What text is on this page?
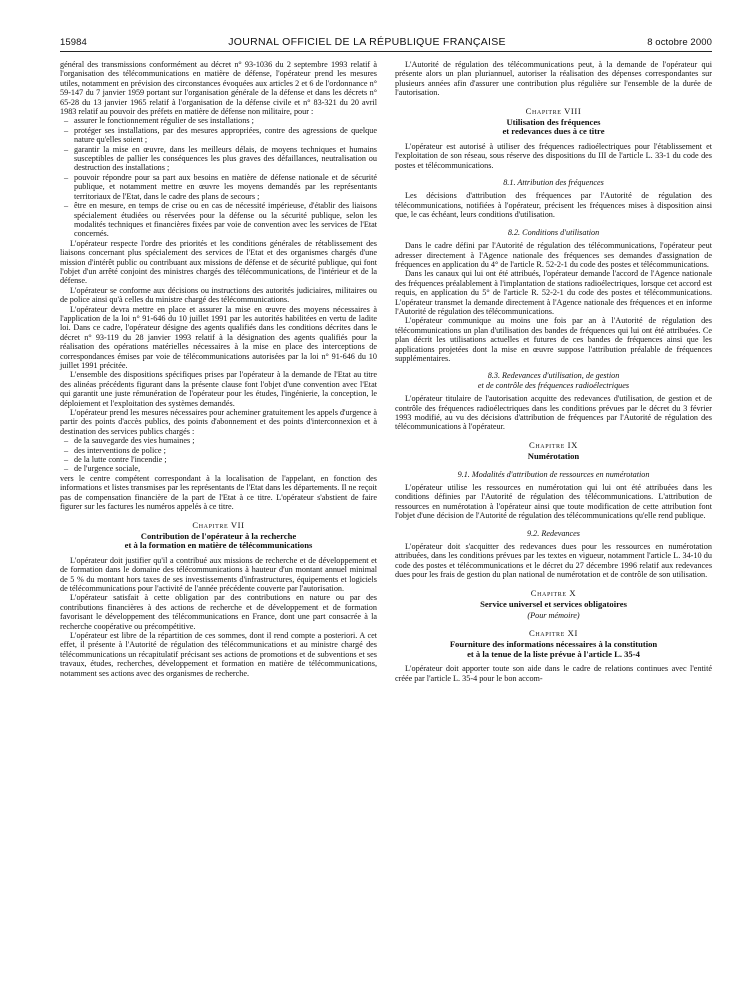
15984	JOURNAL OFFICIEL DE LA RÉPUBLIQUE FRANÇAISE	8 octobre 2000

général des transmissions conformément au décret n° 93-1036 du 2 septembre 1993 relatif à l'organisation des télécommunications en matière de défense, l'opérateur prend les mesures utiles, notamment en prévision des circonstances évoquées aux articles 2 et 6 de l'ordonnance n° 59-147 du 7 janvier 1959 portant sur l'organisation générale de la défense et dans les décrets n° 65-28 du 13 janvier 1965 relatif à l'organisation de la défense civile et n° 83-321 du 20 avril 1983 relatif au pouvoir des préfets en matière de défense non militaire, pour :

– assurer le fonctionnement régulier de ses installations ;
– protéger ses installations, par des mesures appropriées, contre des agressions de quelque nature qu'elles soient ;
– garantir la mise en œuvre, dans les meilleurs délais, de moyens techniques et humains susceptibles de pallier les conséquences les plus graves des défaillances, neutralisation ou destruction des installations ;
– pouvoir répondre pour sa part aux besoins en matière de défense nationale et de sécurité publique, et notamment mettre en œuvre les moyens demandés par les représentants territoriaux de l'Etat, dans le cadre des plans de secours ;
– être en mesure, en temps de crise ou en cas de nécessité impérieuse, d'établir des liaisons spécialement étudiées ou réservées pour la défense ou la sécurité publique, selon les modalités techniques et financières fixées par voie de convention avec les services de l'Etat concernés.

L'opérateur respecte l'ordre des priorités et les conditions générales de rétablissement des liaisons concernant plus spécialement des services de l'Etat et des organismes chargés d'une mission d'intérêt public ou contribuant aux missions de défense et de sécurité publique, qui font l'objet d'un arrêté conjoint des ministres chargés des télécommunications, de l'intérieur et de la défense.

L'opérateur se conforme aux décisions ou instructions des autorités judiciaires, militaires ou de police ainsi qu'à celles du ministre chargé des télécommunications.

L'opérateur devra mettre en place et assurer la mise en œuvre des moyens nécessaires à l'application de la loi n° 91-646 du 10 juillet 1991 par les autorités habilitées en vertu de ladite loi. Dans ce cadre, l'opérateur désigne des agents qualifiés dans les conditions décrites dans le décret n° 93-119 du 28 janvier 1993 relatif à la désignation des agents qualifiés pour la réalisation des opérations matérielles nécessaires à la mise en place des interceptions de correspondances émises par voie de télécommunications autorisées par la loi n° 91-646 du 10 juillet 1991 précitée.

L'ensemble des dispositions spécifiques prises par l'opérateur à la demande de l'Etat au titre des alinéas précédents figurant dans la présente clause font l'objet d'une convention avec l'Etat qui garantit une juste rémunération de l'opérateur pour les études, l'ingénierie, la conception, le déploiement et l'exploitation des systèmes demandés.

L'opérateur prend les mesures nécessaires pour acheminer gratuitement les appels d'urgence à partir des points d'accès publics, des points d'abonnement et des points d'interconnexion et à destination des services publics chargés :

– de la sauvegarde des vies humaines ;
– des interventions de police ;
– de la lutte contre l'incendie ;
– de l'urgence sociale,

vers le centre compétent correspondant à la localisation de l'appelant, en fonction des informations et listes transmises par les représentants de l'Etat dans les départements. Il ne reçoit pas de compensation financière de la part de l'Etat à ce titre. L'opérateur s'abstient de faire figurer sur les factures les numéros appelés à ce titre.

Chapitre VII
Contribution de l'opérateur à la recherche
et à la formation en matière de télécommunications

L'opérateur doit justifier qu'il a contribué aux missions de recherche et de développement et de formation dans le domaine des télécommunications à hauteur d'un montant annuel minimal de 5 % du montant hors taxes de ses investissements d'infrastructures, équipements et logiciels de télécommunications pour l'activité de l'année précédente couverte par l'autorisation.

L'opérateur satisfait à cette obligation par des contributions en nature ou par des contributions financières à des actions de recherche et de développement et de formation favorisant le développement des télécommunications en France, dont une part consacrée à la recherche coopérative ou précompétitive.

L'opérateur est libre de la répartition de ces sommes, dont il rend compte a posteriori. A cet effet, il présente à l'Autorité de régulation des télécommunications et au ministre chargé des télécommunications un récapitulatif précisant ses actions de promotions et de subventions et ses travaux, études, recherches, développement et formation en matière de télécommunications, notamment ses actions avec des organismes de recherche.

L'Autorité de régulation des télécommunications peut, à la demande de l'opérateur qui présente alors un plan pluriannuel, autoriser la réalisation des dépenses correspondantes sur plusieurs années afin d'assurer une contribution plus régulière sur l'ensemble de la durée de l'autorisation.

Chapitre VIII
Utilisation des fréquences
et redevances dues à ce titre

L'opérateur est autorisé à utiliser des fréquences radioélectriques pour l'établissement et l'exploitation de son réseau, sous réserve des dispositions du III de l'article L. 33-1 du code des postes et télécommunications.

8.1. Attribution des fréquences

Les décisions d'attribution des fréquences par l'Autorité de régulation des télécommunications, notifiées à l'opérateur, précisent les fréquences mises à disposition ainsi que, le cas échéant, leurs conditions d'utilisation.

8.2. Conditions d'utilisation

Dans le cadre défini par l'Autorité de régulation des télécommunications, l'opérateur peut adresser directement à l'Agence nationale des fréquences ses demandes d'assignation de fréquences en application du 4° de l'article R. 52-2-1 du code des postes et télécommunications.

Dans les canaux qui lui ont été attribués, l'opérateur demande l'accord de l'Agence nationale des fréquences préalablement à l'implantation de stations radioélectriques, lorsque cet accord est requis, en application du 5° de l'article R. 52-2-1 du code des postes et télécommunications. L'opérateur transmet la demande directement à l'Agence nationale des fréquences et en informe l'Autorité de régulation des télécommunications.

L'opérateur communique au moins une fois par an à l'Autorité de régulation des télécommunications un plan d'utilisation des bandes de fréquences qui lui ont été attribuées. Ce plan décrit les utilisations actuelles et futures de ces bandes de fréquences ainsi que les applications projetées dont la mise en œuvre suppose l'attribution préalable de fréquences supplémentaires.

8.3. Redevances d'utilisation, de gestion
et de contrôle des fréquences radioélectriques

L'opérateur titulaire de l'autorisation acquitte des redevances d'utilisation, de gestion et de contrôle des fréquences radioélectriques dans les conditions prévues par le décret du 3 février 1993 modifié, au vu des décisions d'attribution de fréquences par l'Autorité de régulation des télécommunications à l'opérateur.

Chapitre IX
Numérotation
9.1. Modalités d'attribution de ressources en numérotation

L'opérateur utilise les ressources en numérotation qui lui ont été attribuées dans les conditions définies par l'Autorité de régulation des télécommunications. L'attribution de ressources en numérotation à l'opérateur ainsi que toute modification de cette attribution font l'objet d'une décision de l'Autorité de régulation des télécommunications qu'elle rend publique.

9.2. Redevances

L'opérateur doit s'acquitter des redevances dues pour les ressources en numérotation attribuées, dans les conditions prévues par les textes en vigueur, notamment l'article L. 34-10 du code des postes et télécommunications et le décret du 27 décembre 1996 relatif aux redevances dues pour les frais de gestion du plan national de numérotation et de contrôle de son utilisation.

Chapitre X
Service universel et services obligatoires
(Pour mémoire)
Chapitre XI
Fourniture des informations nécessaires à la constitution
et à la tenue de la liste prévue à l'article L. 35-4

L'opérateur doit apporter toute son aide dans le cadre de relations continues avec l'entité créée par l'article L. 35-4 pour le bon accom-
